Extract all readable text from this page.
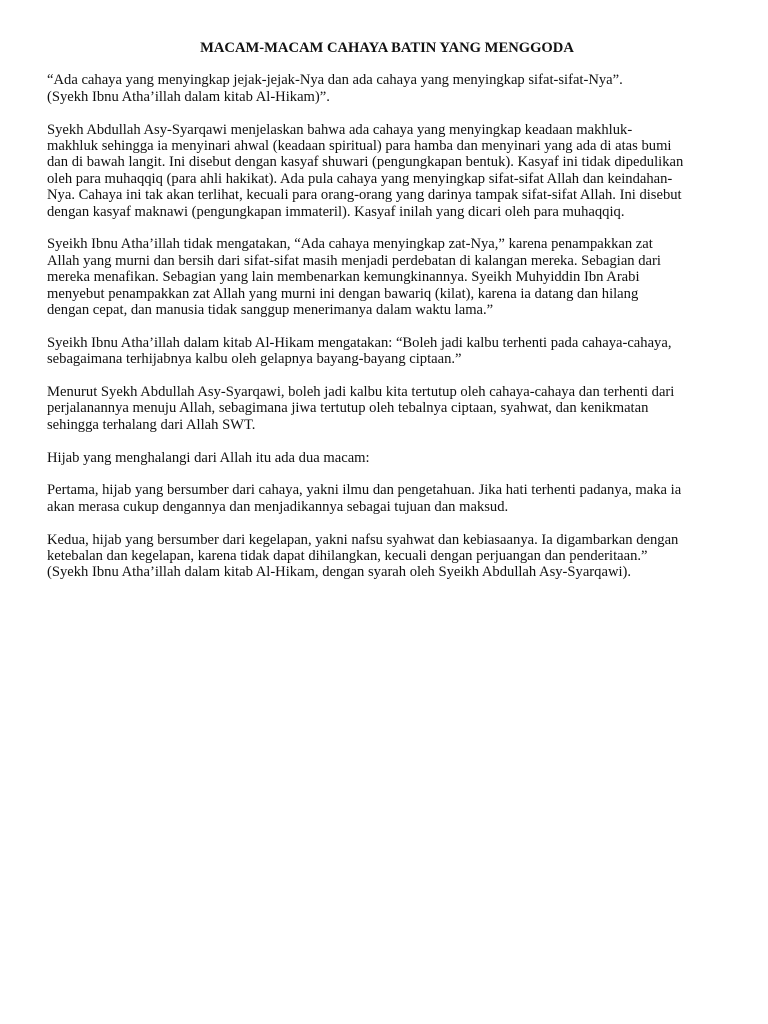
MACAM-MACAM CAHAYA BATIN YANG MENGGODA
“Ada cahaya yang menyingkap jejak-jejak-Nya dan ada cahaya yang menyingkap sifat-sifat-Nya”.
(Syekh Ibnu Atha’illah dalam kitab Al-Hikam)”.
Syekh Abdullah Asy-Syarqawi menjelaskan bahwa ada cahaya yang menyingkap keadaan makhluk-
makhluk sehingga ia menyinari ahwal (keadaan spiritual) para hamba dan menyinari yang ada di atas bumi
dan di bawah langit. Ini disebut dengan kasyaf shuwari (pengungkapan bentuk). Kasyaf ini tidak dipedulikan
oleh para muhaqqiq (para ahli hakikat). Ada pula cahaya yang menyingkap sifat-sifat Allah dan keindahan-
Nya. Cahaya ini tak akan terlihat, kecuali para orang-orang yang darinya tampak sifat-sifat Allah. Ini disebut
dengan kasyaf maknawi (pengungkapan immateril). Kasyaf inilah yang dicari oleh para muhaqqiq.
Syeikh Ibnu Atha’illah tidak mengatakan, “Ada cahaya menyingkap zat-Nya,” karena penampakkan zat
Allah yang murni dan bersih dari sifat-sifat masih menjadi perdebatan di kalangan mereka. Sebagian dari
mereka menafikan. Sebagian yang lain membenarkan kemungkinannya. Syeikh Muhyiddin Ibn Arabi
menyebut penampakkan zat Allah yang murni ini dengan bawariq (kilat), karena ia datang dan hilang
dengan cepat, dan manusia tidak sanggup menerimanya dalam waktu lama.”
Syeikh Ibnu Atha’illah dalam kitab Al-Hikam mengatakan: “Boleh jadi kalbu terhenti pada cahaya-cahaya,
sebagaimana terhijabnya kalbu oleh gelapnya bayang-bayang ciptaan.”
Menurut Syekh Abdullah Asy-Syarqawi, boleh jadi kalbu kita tertutup oleh cahaya-cahaya dan terhenti dari
perjalanannya menuju Allah, sebagimana jiwa tertutup oleh tebalnya ciptaan, syahwat, dan kenikmatan
sehingga terhalang dari Allah SWT.
Hijab yang menghalangi dari Allah itu ada dua macam:
Pertama, hijab yang bersumber dari cahaya, yakni ilmu dan pengetahuan. Jika hati terhenti padanya, maka ia
akan merasa cukup dengannya dan menjadikannya sebagai tujuan dan maksud.
Kedua, hijab yang bersumber dari kegelapan, yakni nafsu syahwat dan kebiasaanya. Ia digambarkan dengan
ketebalan dan kegelapan, karena tidak dapat dihilangkan, kecuali dengan perjuangan dan penderitaan.”
(Syekh Ibnu Atha’illah dalam kitab Al-Hikam, dengan syarah oleh Syeikh Abdullah Asy-Syarqawi).
